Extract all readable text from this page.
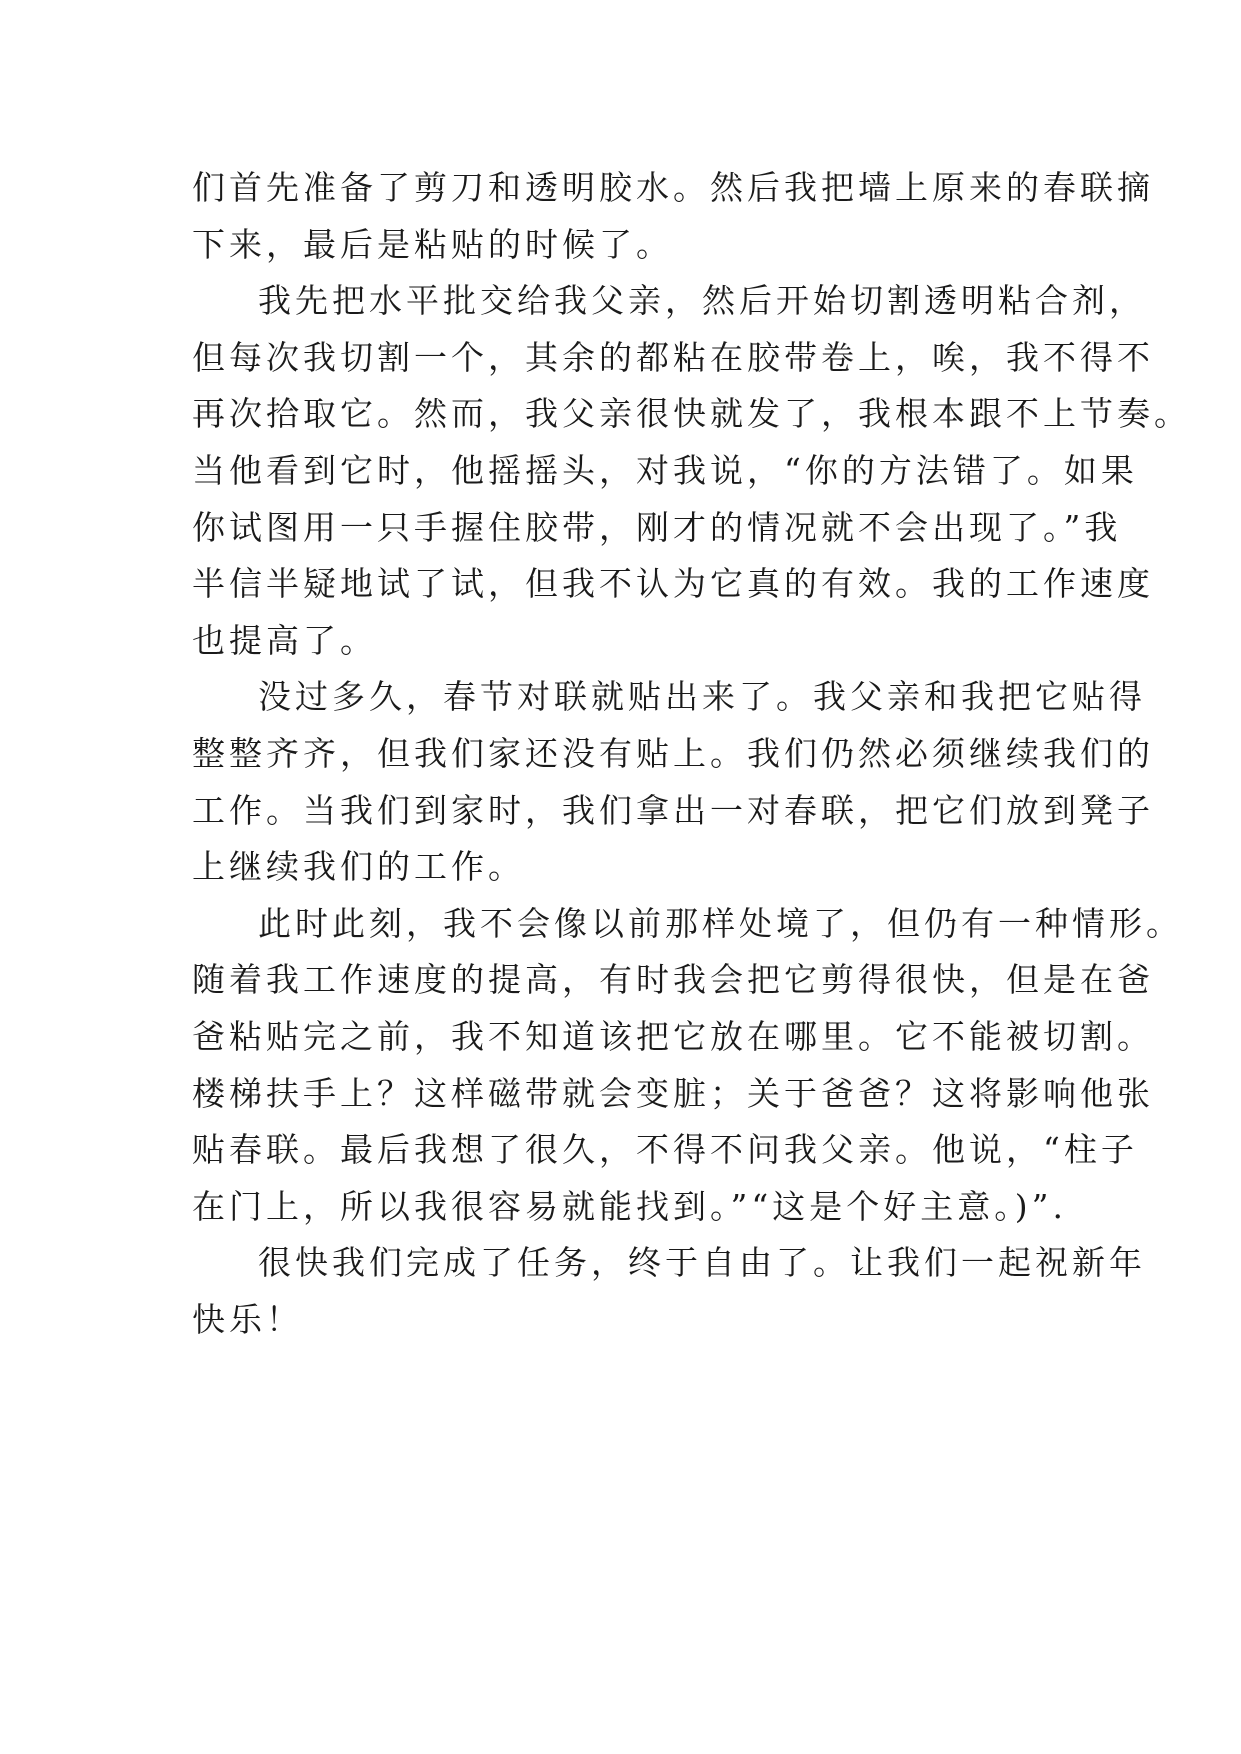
们首先准备了剪刀和透明胶水。然后我把墙上原来的春联摘
下来，最后是粘贴的时候了。
我先把水平批交给我父亲，然后开始切割透明粘合剂，
但每次我切割一个，其余的都粘在胶带卷上，唉，我不得不
再次拾取它。然而，我父亲很快就发了，我根本跟不上节奏。
当他看到它时，他摇摇头，对我说，“你的方法错了。如果
你试图用一只手握住胶带，刚才的情况就不会出现了。”我
半信半疑地试了试，但我不认为它真的有效。我的工作速度
也提高了。
没过多久，春节对联就贴出来了。我父亲和我把它贴得
整整齐齐，但我们家还没有贴上。我们仍然必须继续我们的
工作。当我们到家时，我们拿出一对春联，把它们放到凳子
上继续我们的工作。
此时此刻，我不会像以前那样处境了，但仍有一种情形。
随着我工作速度的提高，有时我会把它剪得很快，但是在爸
爸粘贴完之前，我不知道该把它放在哪里。它不能被切割。
楼梯扶手上？这样磁带就会变脏；关于爸爸？这将影响他张
贴春联。最后我想了很久，不得不问我父亲。他说，“柱子
在门上，所以我很容易就能找到。”“这是个好主意。)”.
很快我们完成了任务，终于自由了。让我们一起祝新年
快乐！
